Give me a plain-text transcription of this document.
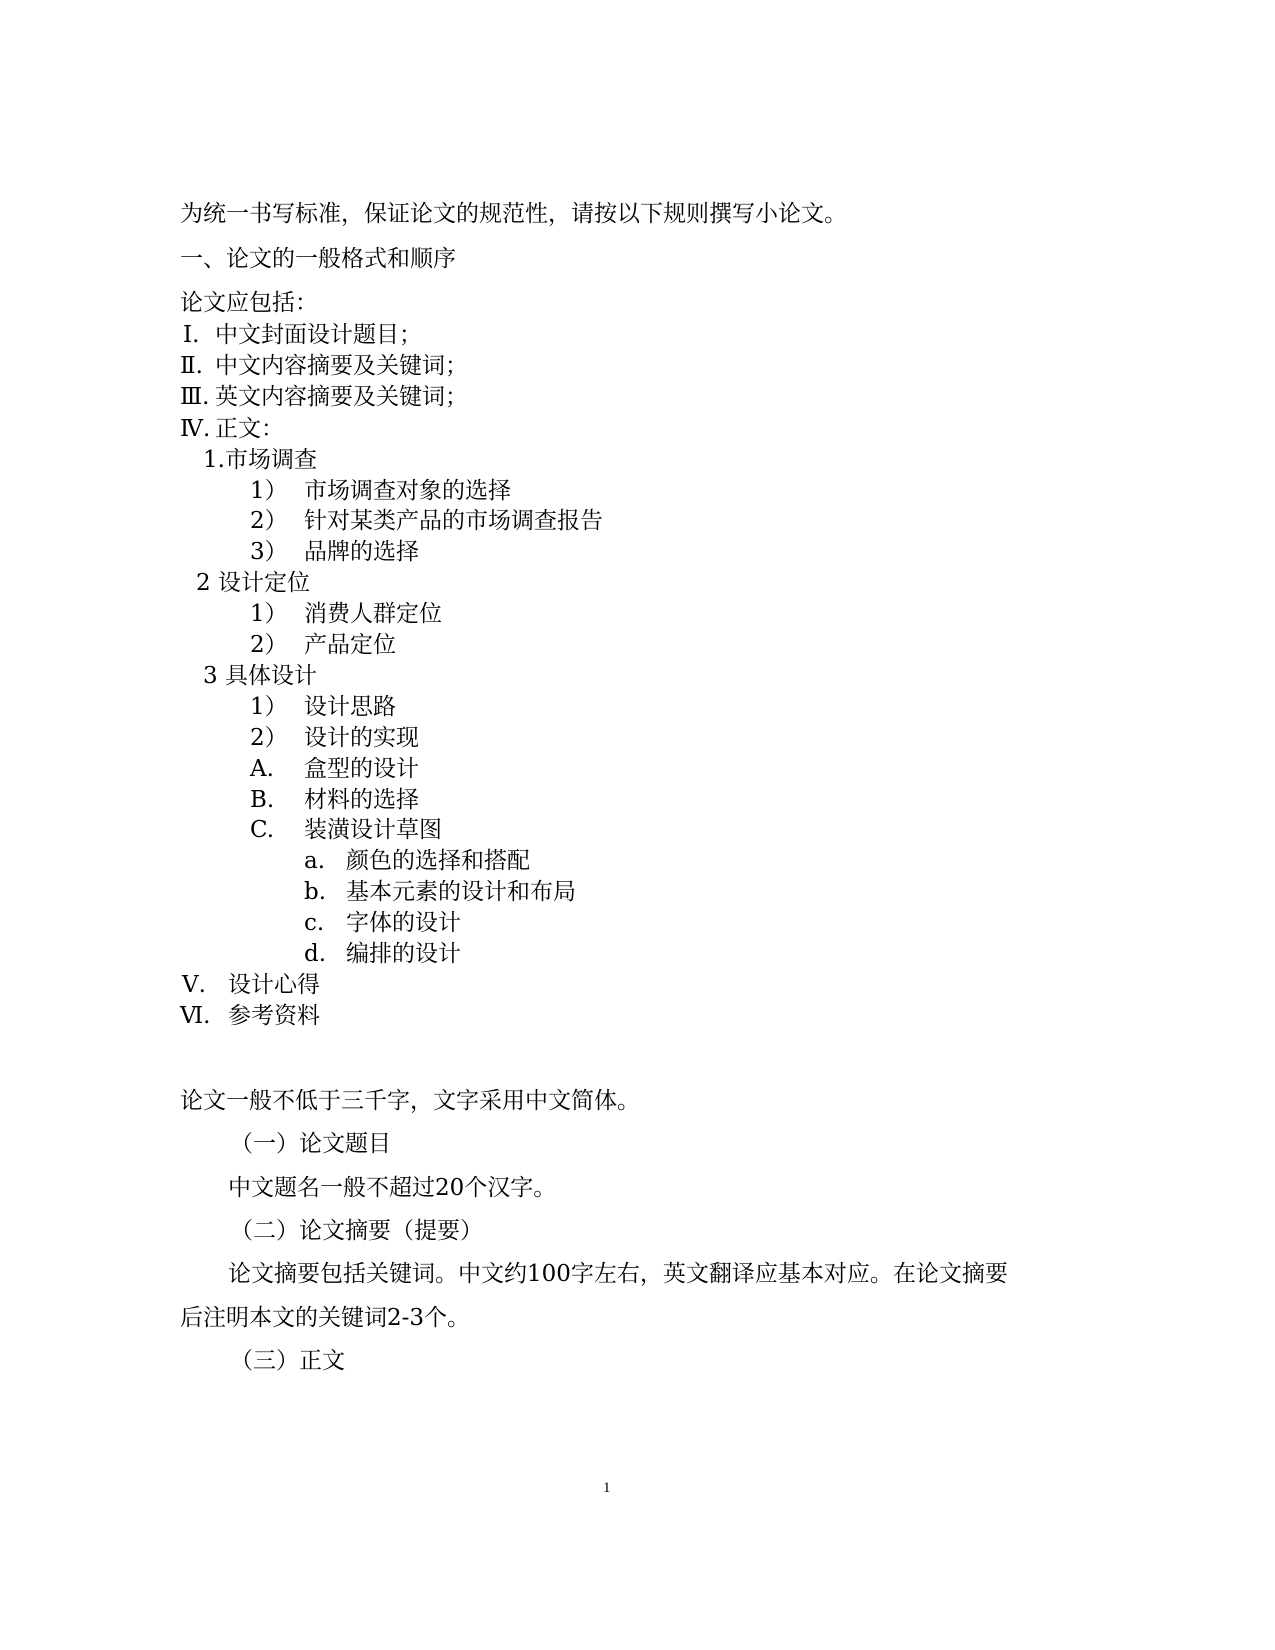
为统一书写标准，保证论文的规范性，请按以下规则撰写小论文。
一、论文的一般格式和顺序
论文应包括：
Ⅰ. 中文封面设计题目；
Ⅱ. 中文内容摘要及关键词；
Ⅲ. 英文内容摘要及关键词；
Ⅳ. 正文：
1.市场调查
1） 市场调查对象的选择
2） 针对某类产品的市场调查报告
3） 品牌的选择
2 设计定位
1） 消费人群定位
2） 产品定位
3 具体设计
1） 设计思路
2） 设计的实现
A. 盒型的设计
B. 材料的选择
C. 装潢设计草图
a. 颜色的选择和搭配
b. 基本元素的设计和布局
c. 字体的设计
d. 编排的设计
Ⅴ. 设计心得
Ⅵ. 参考资料
论文一般不低于三千字，文字采用中文简体。
（一）论文题目
中文题名一般不超过20个汉字。
（二）论文摘要（提要）
论文摘要包括关键词。中文约100字左右，英文翻译应基本对应。在论文摘要
后注明本文的关键词2-3个。
（三）正文
1
